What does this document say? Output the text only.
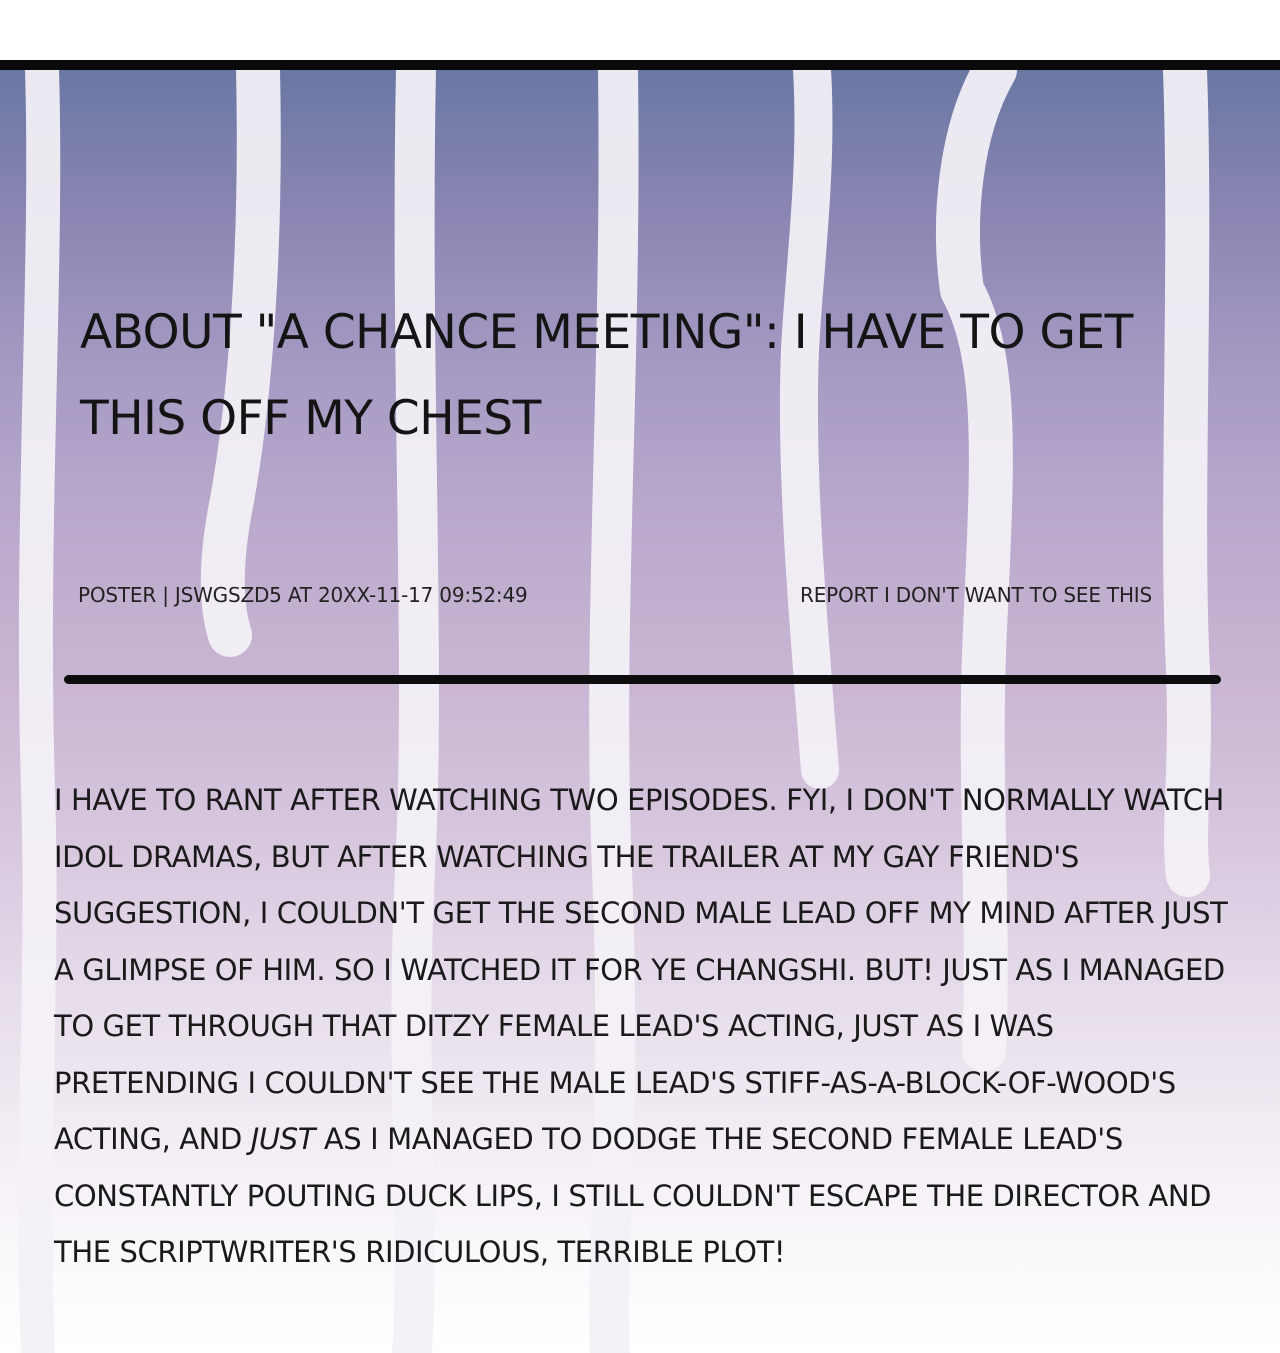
ABOUT "A CHANCE MEETING": I HAVE TO GET THIS OFF MY CHEST
POSTER | JSWGSZD5 AT 20XX-11-17 09:52:49	REPORT I DON'T WANT TO SEE THIS

I HAVE TO RANT AFTER WATCHING TWO EPISODES. FYI, I DON'T NORMALLY WATCH IDOL DRAMAS, BUT AFTER WATCHING THE TRAILER AT MY GAY FRIEND'S SUGGESTION, I COULDN'T GET THE SECOND MALE LEAD OFF MY MIND AFTER JUST A GLIMPSE OF HIM. SO I WATCHED IT FOR YE CHANGSHI. BUT! JUST AS I MANAGED TO GET THROUGH THAT DITZY FEMALE LEAD'S ACTING, JUST AS I WAS PRETENDING I COULDN'T SEE THE MALE LEAD'S STIFF-AS-A-BLOCK-OF-WOOD'S ACTING, AND JUST AS I MANAGED TO DODGE THE SECOND FEMALE LEAD'S CONSTANTLY POUTING DUCK LIPS, I STILL COULDN'T ESCAPE THE DIRECTOR AND THE SCRIPTWRITER'S RIDICULOUS, TERRIBLE PLOT!
